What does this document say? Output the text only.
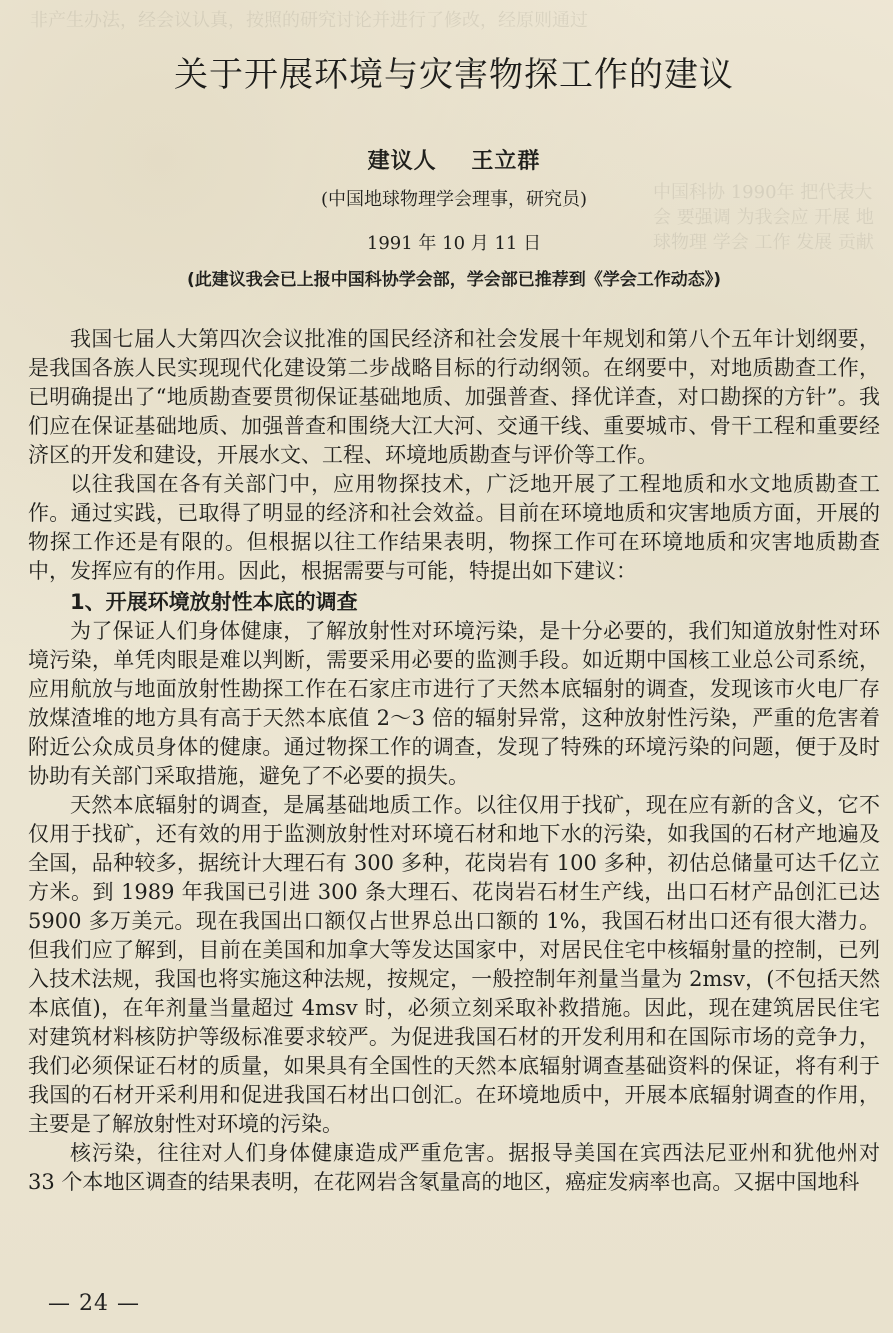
非产生办法，经会议认真，按照的研究讨论并进行了修改，经原则通过
中国科协 1990年 把代表大会 要强调 为我会应 开展 地球物理 学会 工作 发展 贡献
关于开展环境与灾害物探工作的建议
建议人 王立群
(中国地球物理学会理事，研究员)
1991 年 10 月 11 日
(此建议我会已上报中国科协学会部，学会部已推荐到《学会工作动态》)

我国七届人大第四次会议批准的国民经济和社会发展十年规划和第八个五年计划纲要，是我国各族人民实现现代化建设第二步战略目标的行动纲领。在纲要中，对地质勘查工作，已明确提出了“地质勘查要贯彻保证基础地质、加强普查、择优详查，对口勘探的方针”。我们应在保证基础地质、加强普查和围绕大江大河、交通干线、重要城市、骨干工程和重要经济区的开发和建设，开展水文、工程、环境地质勘查与评价等工作。

以往我国在各有关部门中，应用物探技术，广泛地开展了工程地质和水文地质勘查工作。通过实践，已取得了明显的经济和社会效益。目前在环境地质和灾害地质方面，开展的物探工作还是有限的。但根据以往工作结果表明，物探工作可在环境地质和灾害地质勘查中，发挥应有的作用。因此，根据需要与可能，特提出如下建议：

1、开展环境放射性本底的调查

为了保证人们身体健康，了解放射性对环境污染，是十分必要的，我们知道放射性对环境污染，单凭肉眼是难以判断，需要采用必要的监测手段。如近期中国核工业总公司系统，应用航放与地面放射性勘探工作在石家庄市进行了天然本底辐射的调查，发现该市火电厂存放煤渣堆的地方具有高于天然本底值 2～3 倍的辐射异常，这种放射性污染，严重的危害着附近公众成员身体的健康。通过物探工作的调查，发现了特殊的环境污染的问题，便于及时协助有关部门采取措施，避免了不必要的损失。

天然本底辐射的调查，是属基础地质工作。以往仅用于找矿，现在应有新的含义，它不仅用于找矿，还有效的用于监测放射性对环境石材和地下水的污染，如我国的石材产地遍及全国，品种较多，据统计大理石有 300 多种，花岗岩有 100 多种，初估总储量可达千亿立方米。到 1989 年我国已引进 300 条大理石、花岗岩石材生产线，出口石材产品创汇已达 5900 多万美元。现在我国出口额仅占世界总出口额的 1%，我国石材出口还有很大潜力。但我们应了解到，目前在美国和加拿大等发达国家中，对居民住宅中核辐射量的控制，已列入技术法规，我国也将实施这种法规，按规定，一般控制年剂量当量为 2msv，(不包括天然本底值)，在年剂量当量超过 4msv 时，必须立刻采取补救措施。因此，现在建筑居民住宅对建筑材料核防护等级标准要求较严。为促进我国石材的开发利用和在国际市场的竞争力，我们必须保证石材的质量，如果具有全国性的天然本底辐射调查基础资料的保证，将有利于我国的石材开采利用和促进我国石材出口创汇。在环境地质中，开展本底辐射调查的作用，主要是了解放射性对环境的污染。

核污染，往往对人们身体健康造成严重危害。据报导美国在宾西法尼亚州和犹他州对 33 个本地区调查的结果表明，在花网岩含氡量高的地区，癌症发病率也高。又据中国地科

— 24 —
